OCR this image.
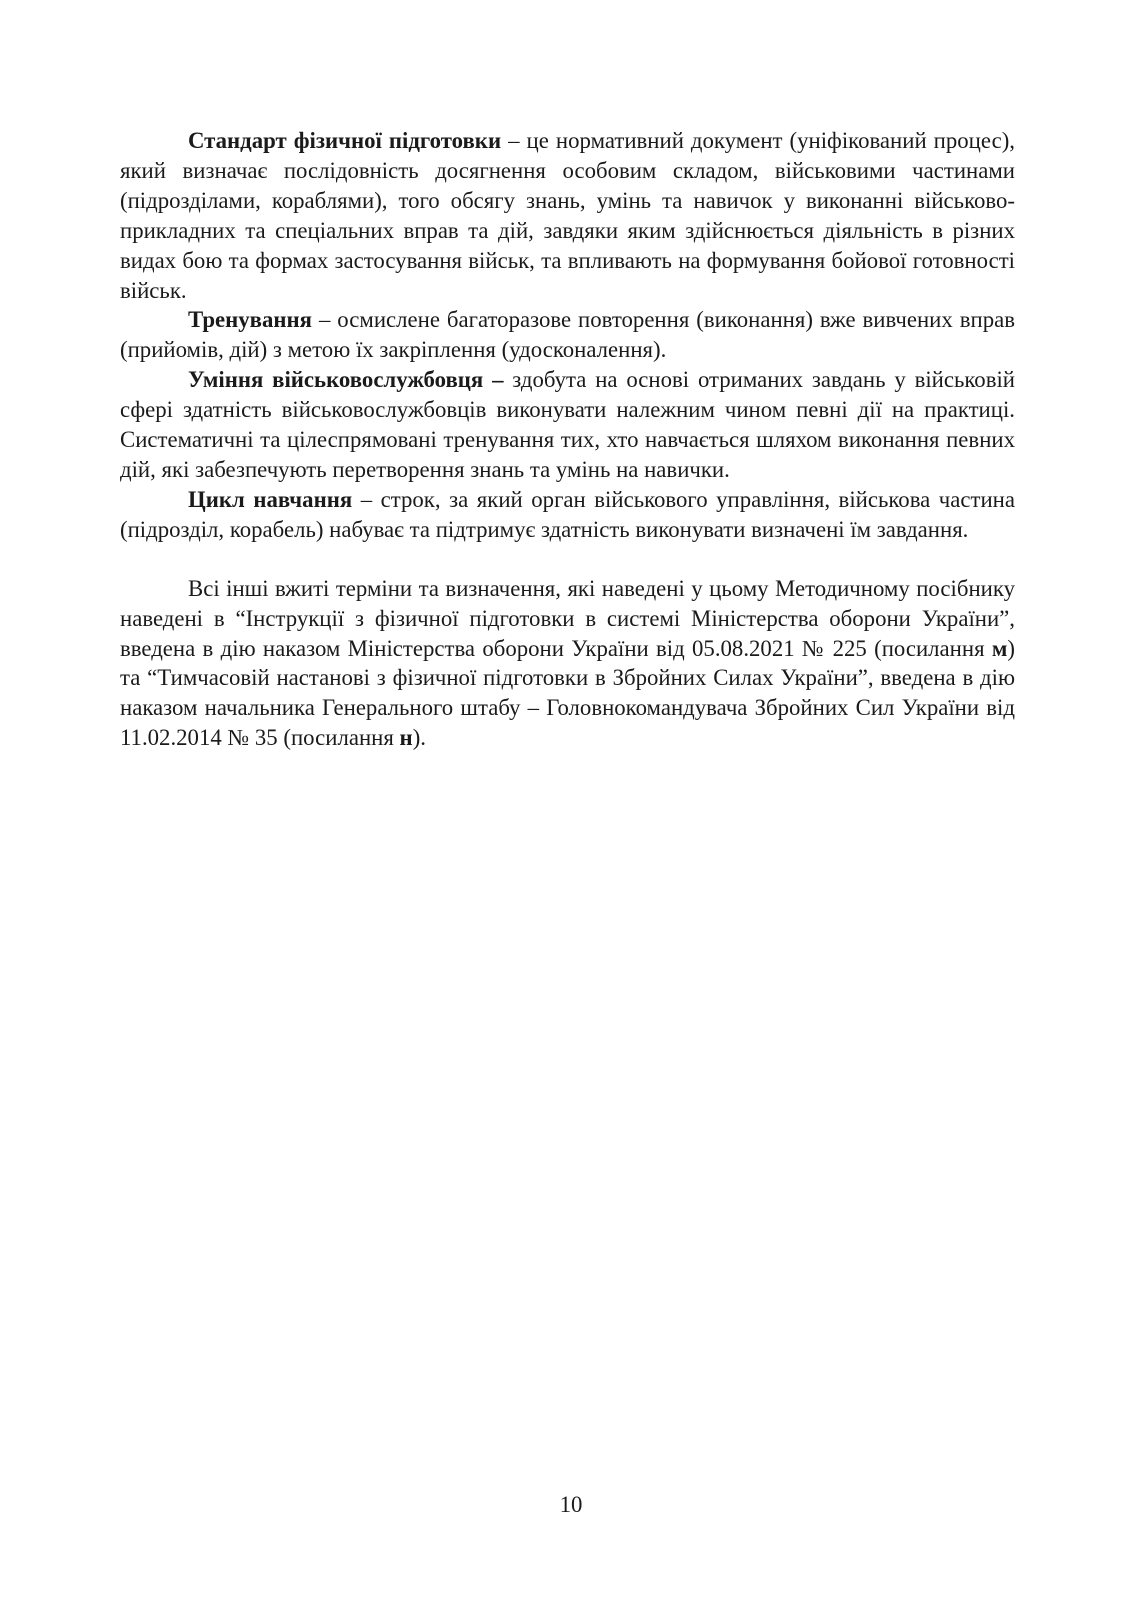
Стандарт фізичної підготовки – це нормативний документ (уніфікований процес), який визначає послідовність досягнення особовим складом, військовими частинами (підрозділами, кораблями), того обсягу знань, умінь та навичок у виконанні військово-прикладних та спеціальних вправ та дій, завдяки яким здійснюється діяльність в різних видах бою та формах застосування військ, та впливають на формування бойової готовності військ.

Тренування – осмислене багаторазове повторення (виконання) вже вивчених вправ (прийомів, дій) з метою їх закріплення (удосконалення).

Уміння військовослужбовця – здобута на основі отриманих завдань у військовій сфері здатність військовослужбовців виконувати належним чином певні дії на практиці. Систематичні та цілеспрямовані тренування тих, хто навчається шляхом виконання певних дій, які забезпечують перетворення знань та умінь на навички.

Цикл навчання – строк, за який орган військового управління, військова частина (підрозділ, корабель) набуває та підтримує здатність виконувати визначені їм завдання.

Всі інші вжиті терміни та визначення, які наведені у цьому Методичному посібнику наведені в “Інструкції з фізичної підготовки в системі Міністерства оборони України”, введена в дію наказом Міністерства оборони України від 05.08.2021 № 225 (посилання м) та “Тимчасовій настанові з фізичної підготовки в Збройних Силах України”, введена в дію наказом начальника Генерального штабу – Головнокомандувача Збройних Сил України від 11.02.2014 № 35 (посилання н).

10
